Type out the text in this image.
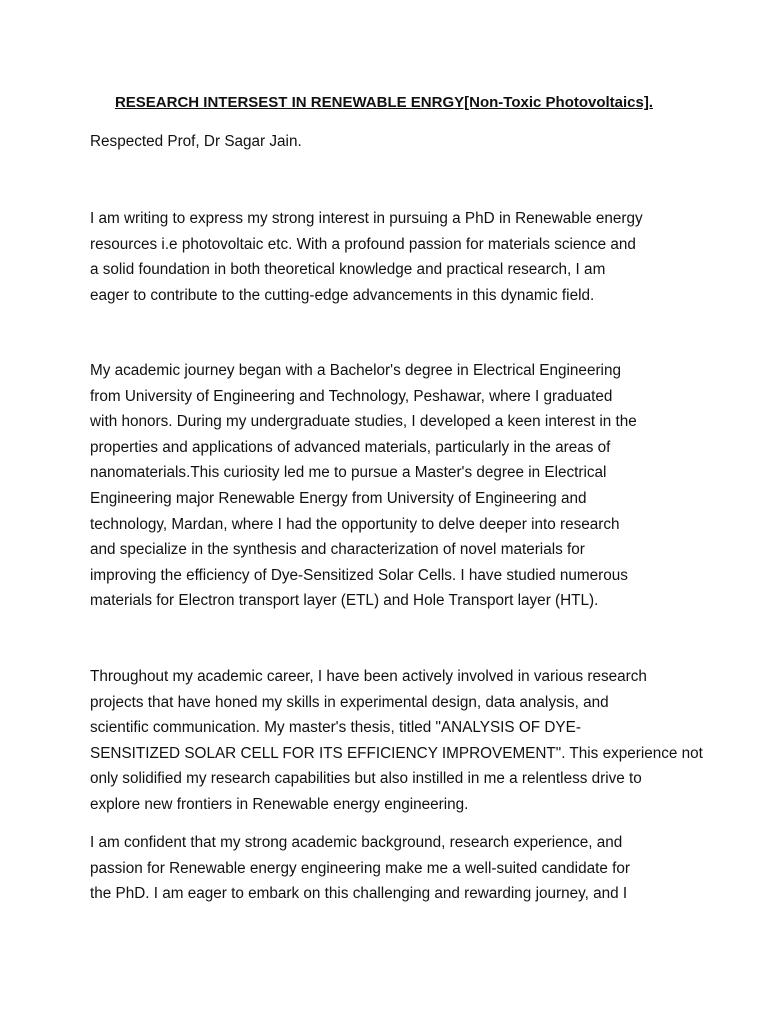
RESEARCH INTERSEST IN RENEWABLE ENRGY[Non-Toxic Photovoltaics].
Respected Prof, Dr Sagar Jain.

I am writing to express my strong interest in pursuing a PhD in Renewable energy
resources i.e photovoltaic etc. With a profound passion for materials science and
a solid foundation in both theoretical knowledge and practical research, I am
eager to contribute to the cutting-edge advancements in this dynamic field.

My academic journey began with a Bachelor's degree in Electrical Engineering
from University of Engineering and Technology, Peshawar, where I graduated
with honors. During my undergraduate studies, I developed a keen interest in the
properties and applications of advanced materials, particularly in the areas of
nanomaterials.This curiosity led me to pursue a Master's degree in Electrical
Engineering major Renewable Energy from University of Engineering and
technology, Mardan, where I had the opportunity to delve deeper into research
and specialize in the synthesis and characterization of novel materials for
improving the efficiency of Dye-Sensitized Solar Cells. I have studied numerous
materials for Electron transport layer (ETL) and Hole Transport layer (HTL).

Throughout my academic career, I have been actively involved in various research
projects that have honed my skills in experimental design, data analysis, and
scientific communication. My master's thesis, titled "ANALYSIS OF DYE-
SENSITIZED SOLAR CELL FOR ITS EFFICIENCY IMPROVEMENT". This experience not
only solidified my research capabilities but also instilled in me a relentless drive to
explore new frontiers in Renewable energy engineering.

I am confident that my strong academic background, research experience, and
passion for Renewable energy engineering make me a well-suited candidate for
the PhD. I am eager to embark on this challenging and rewarding journey, and I
